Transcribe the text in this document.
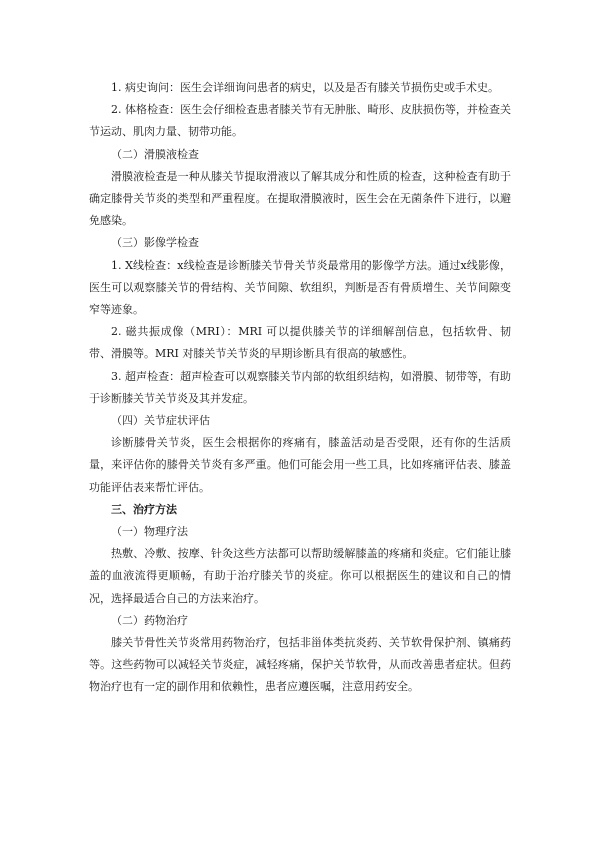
1. 病史询问：医生会详细询问患者的病史，以及是否有膝关节损伤史或手术史。

2. 体格检查：医生会仔细检查患者膝关节有无肿胀、畸形、皮肤损伤等，并检查关节运动、肌肉力量、韧带功能。

（二）滑膜液检查

滑膜液检查是一种从膝关节提取滑液以了解其成分和性质的检查，这种检查有助于确定膝骨关节炎的类型和严重程度。在提取滑膜液时，医生会在无菌条件下进行，以避免感染。

（三）影像学检查

1. X线检查：x线检查是诊断膝关节骨关节炎最常用的影像学方法。通过x线影像，医生可以观察膝关节的骨结构、关节间隙、软组织，判断是否有骨质增生、关节间隙变窄等迹象。

2. 磁共振成像（MRI）：MRI 可以提供膝关节的详细解剖信息，包括软骨、韧带、滑膜等。MRI 对膝关节关节炎的早期诊断具有很高的敏感性。

3. 超声检查：超声检查可以观察膝关节内部的软组织结构，如滑膜、韧带等，有助于诊断膝关节关节炎及其并发症。

（四）关节症状评估

诊断膝骨关节炎，医生会根据你的疼痛有，膝盖活动是否受限，还有你的生活质量，来评估你的膝骨关节炎有多严重。他们可能会用一些工具，比如疼痛评估表、膝盖功能评估表来帮忙评估。

三、治疗方法

（一）物理疗法

热敷、冷敷、按摩、针灸这些方法都可以帮助缓解膝盖的疼痛和炎症。它们能让膝盖的血液流得更顺畅，有助于治疗膝关节的炎症。你可以根据医生的建议和自己的情况，选择最适合自己的方法来治疗。

（二）药物治疗

膝关节骨性关节炎常用药物治疗，包括非甾体类抗炎药、关节软骨保护剂、镇痛药等。这些药物可以减轻关节炎症，减轻疼痛，保护关节软骨，从而改善患者症状。但药物治疗也有一定的副作用和依赖性，患者应遵医嘱，注意用药安全。
